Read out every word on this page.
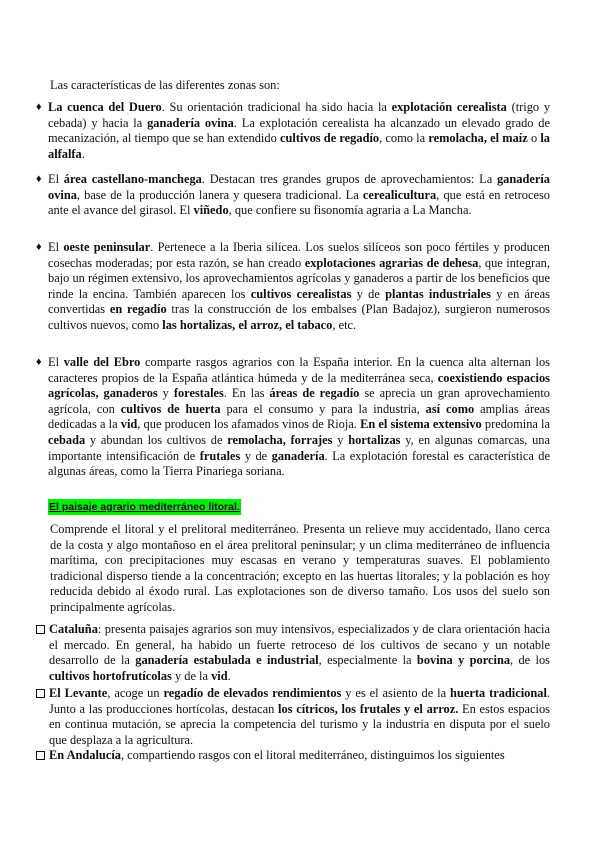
Las características de las diferentes zonas son:
♦ La cuenca del Duero. Su orientación tradicional ha sido hacia la explotación cerealista (trigo y cebada) y hacia la ganadería ovina. La explotación cerealista ha alcanzado un elevado grado de mecanización, al tiempo que se han extendido cultivos de regadío, como la remolacha, el maíz o la alfalfa.
♦ El área castellano-manchega. Destacan tres grandes grupos de aprovechamientos: La ganadería ovina, base de la producción lanera y quesera tradicional. La cerealicultura, que está en retroceso ante el avance del girasol. El viñedo, que confiere su fisonomía agraria a La Mancha.
♦ El oeste peninsular. Pertenece a la Iberia silícea. Los suelos silíceos son poco fértiles y producen cosechas moderadas; por esta razón, se han creado explotaciones agrarias de dehesa, que integran, bajo un régimen extensivo, los aprovechamientos agrícolas y ganaderos a partir de los beneficios que rinde la encina. También aparecen los cultivos cerealistas y de plantas industriales y en áreas convertidas en regadío tras la construcción de los embalses (Plan Badajoz), surgieron numerosos cultivos nuevos, como las hortalizas, el arroz, el tabaco, etc.
♦ El valle del Ebro comparte rasgos agrarios con la España interior. En la cuenca alta alternan los caracteres propios de la España atlántica húmeda y de la mediterránea seca, coexistiendo espacios agrícolas, ganaderos y forestales. En las áreas de regadío se aprecia un gran aprovechamiento agrícola, con cultivos de huerta para el consumo y para la industria, así como amplias áreas dedicadas a la vid, que producen los afamados vinos de Rioja. En el sistema extensivo predomina la cebada y abundan los cultivos de remolacha, forrajes y hortalizas y, en algunas comarcas, una importante intensificación de frutales y de ganadería. La explotación forestal es característica de algunas áreas, como la Tierra Pinariega soriana.
El paisaje agrario mediterráneo litoral.
Comprende el litoral y el prelitoral mediterráneo. Presenta un relieve muy accidentado, llano cerca de la costa y algo montañoso en el área prelitoral peninsular; y un clima mediterráneo de influencia marítima, con precipitaciones muy escasas en verano y temperaturas suaves. El poblamiento tradicional disperso tiende a la concentración; excepto en las huertas litorales; y la población es hoy reducida debido al éxodo rural. Las explotaciones son de diverso tamaño. Los usos del suelo son principalmente agrícolas.
Cataluña: presenta paisajes agrarios son muy intensivos, especializados y de clara orientación hacia el mercado. En general, ha habido un fuerte retroceso de los cultivos de secano y un notable desarrollo de la ganadería estabulada e industrial, especialmente la bovina y porcina, de los cultivos hortofrutícolas y de la vid.
El Levante, acoge un regadío de elevados rendimientos y es el asiento de la huerta tradicional. Junto a las producciones hortícolas, destacan los cítricos, los frutales y el arroz. En estos espacios en continua mutación, se aprecia la competencia del turismo y la industria en disputa por el suelo que desplaza a la agricultura.
En Andalucía, compartiendo rasgos con el litoral mediterráneo, distinguimos los siguientes
